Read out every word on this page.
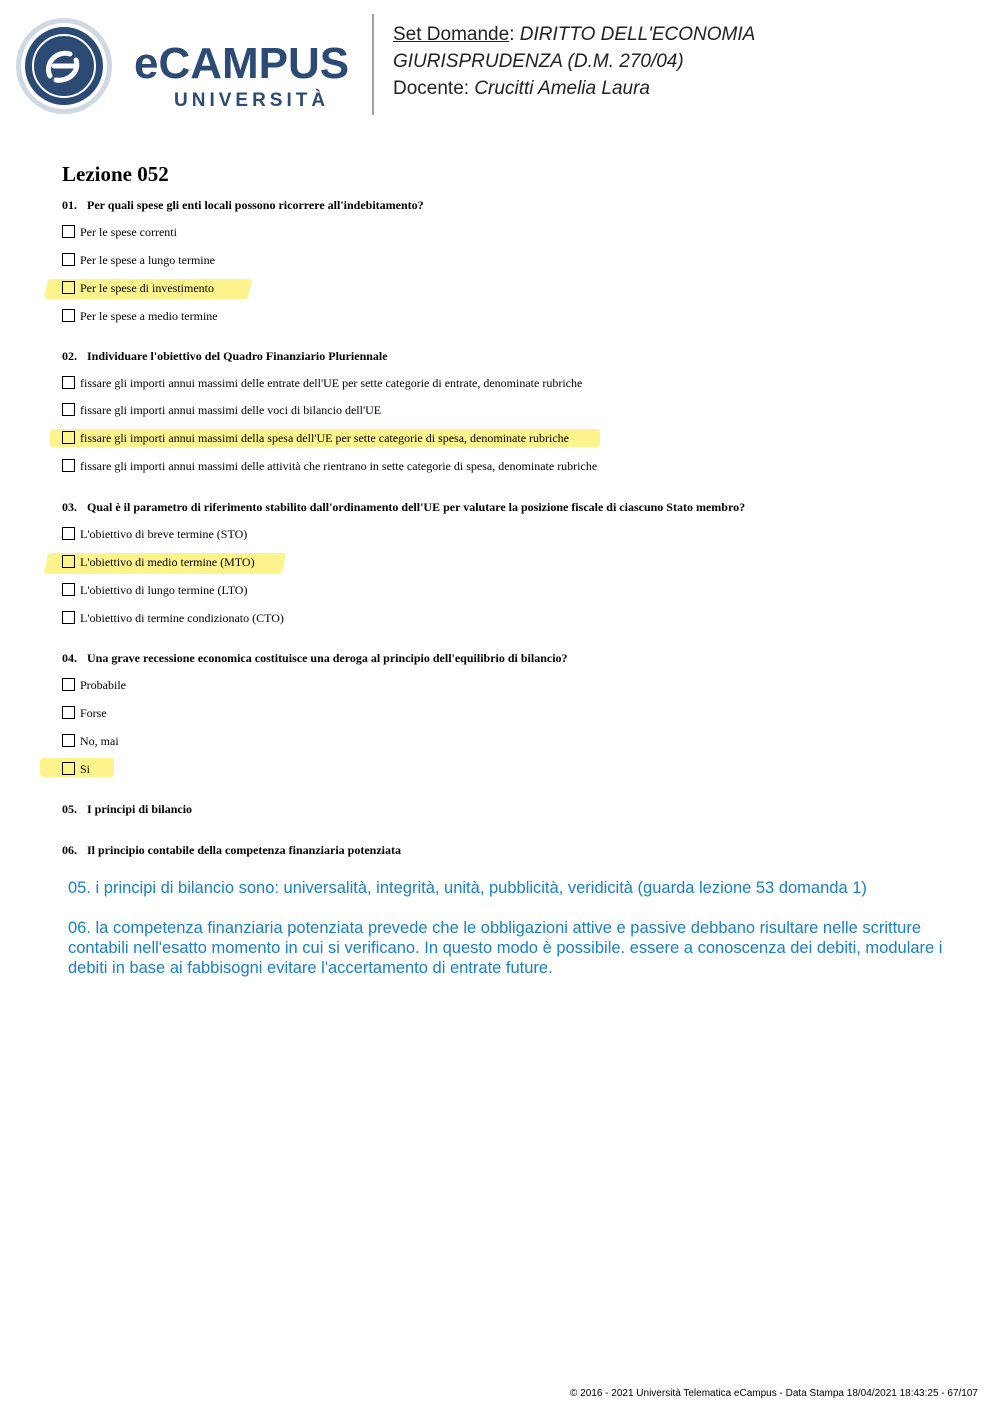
eCAMPUS
UNIVERSITÀ
Set Domande: DIRITTO DELL'ECONOMIA
GIURISPRUDENZA (D.M. 270/04)
Docente: Crucitti Amelia Laura
Lezione 052
01. Per quali spese gli enti locali possono ricorrere all'indebitamento?
Per le spese correnti
Per le spese a lungo termine
Per le spese di investimento
Per le spese a medio termine
02. Individuare l'obiettivo del Quadro Finanziario Pluriennale
fissare gli importi annui massimi delle entrate dell'UE per sette categorie di entrate, denominate rubriche
fissare gli importi annui massimi delle voci di bilancio dell'UE
fissare gli importi annui massimi della spesa dell'UE per sette categorie di spesa, denominate rubriche
fissare gli importi annui massimi delle attività che rientrano in sette categorie di spesa, denominate rubriche
03. Qual è il parametro di riferimento stabilito dall'ordinamento dell'UE per valutare la posizione fiscale di ciascuno Stato membro?
L'obiettivo di breve termine (STO)
L'obiettivo di medio termine (MTO)
L'obiettivo di lungo termine (LTO)
L'obiettivo di termine condizionato (CTO)
04. Una grave recessione economica costituisce una deroga al principio dell'equilibrio di bilancio?
Probabile
Forse
No, mai
Si
05. I principi di bilancio
06. Il principio contabile della competenza finanziaria potenziata

05. i principi di bilancio sono: universalità, integrità, unità, pubblicità, veridicità (guarda lezione 53 domanda 1)

06. la competenza finanziaria potenziata prevede che le obbligazioni attive e passive debbano risultare nelle scritture contabili nell'esatto momento in cui si verificano. In questo modo è possibile. essere a conoscenza dei debiti, modulare i debiti in base ai fabbisogni evitare l'accertamento di entrate future.

© 2016 - 2021 Università Telematica eCampus - Data Stampa 18/04/2021 18:43:25 - 67/107
